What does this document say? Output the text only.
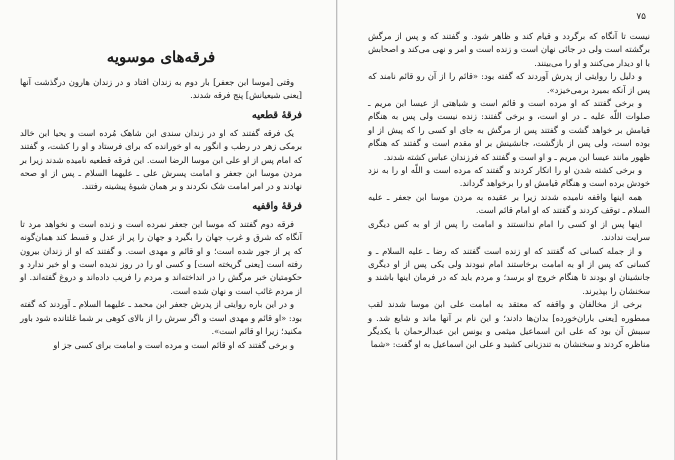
فرقه‌های موسویه

وقتی [موسا ابن جعفر] بار دوم به زندان افتاد و در زندان هارون درگذشت آنها [یعنی شیعیانش] پنج فرقه شدند.

فرقهٔ قطعیه

یک فرقه گفتند که او در زندان سندی ابن شاهک مُرده است و یحیا ابن خالد برمکی زهر در رطب و انگور به او خورانده که برای فرستاد و او را کشت، و گفتند که امام پس از او علی ابن موسا الرضا است. این فرقه قطعیه نامیده شدند زیرا بر مردن موسا ابن جعفر و امامت پسرش علی ـ علیهما السلام ـ پس از او صحه نهادند و در امر امامت شک نکردند و بر همان شیوهٔ پیشینه رفتند.

فرقهٔ واقفیه

فرقه دوم گفتند که موسا ابن جعفر نمرده است و زنده است و نخواهد مرد تا آنگاه که شرق و غرب جهان را بگیرد و جهان را پر از عدل و قسط کند همان‌گونه که پر از جور شده است؛ و او قائم و مهدی است. و گفتند که او از زندان بیرون رفته است [یعنی گریخته است] و کسی او را در روز ندیده است و او خبر ندارد و حکومتیان خبر مرگش را در انداخته‌اند و مردم را فریب داده‌اند و دروغ گفته‌اند. او از مردم غائب است و نهان شده است.

و در این باره روایتی از پدرش جعفر ابن محمد ـ علیهما السلام ـ آوردند که گفته بود: «او قائم و مهدی است و اگر سرش را از بالای کوهی بر شما غلتانده شود باور مکنید؛ زیرا او قائم است».

و برخی گفتند که او قائم است و مرده است و امامت برای کسی جز او

۷۵

نیست تا آنگاه که برگردد و قیام کند و ظاهر شود. و گفتند که و پس از مرگش برگشته است ولی در جائی نهان است و زنده است و امر و نهی می‌کند و اصحابش با او دیدار می‌کنند و او را می‌بینند.

و دلیل را روایتی از پدرش آوردند که گفته بود: «قائم را از آن رو قائم نامند که پس از آنکه بمیرد برمی‌خیزد».

و برخی گفتند که او مرده است و قائم است و شباهتی از عیسا ابن مریم ـ صلوات اللّه علیه ـ در او است، و برخی گفتند: زنده نیست ولی پس به هنگام قیامش بر خواهد گشت و گفتند پس از مرگش به جای او کسی را که پیش از او بوده است، ولی پس از بازگشت، جانشینش بر او مقدم است و گفتند که هنگام ظهور مانند عیسا ابن مریم ـ و او است و گفتند که فرزندان عباس کشته شدند.

و برخی کشته شدن او را انکار کردند و گفتند که مرده است و اللّه او را به نزد خودش برده است و هنگام قیامش او را برخواهد گرداند.

همه اینها واقفه نامیده شدند زیرا بر عقیده به مردن موسا ابن جعفر ـ علیه السلام ـ توقف کردند و گفتند که او امام قائم است.

اینها پس از او کسی را امام ندانستند و امامت را پس از او به کس دیگری سرایت ندادند.

و از جمله کسانی که گفتند که او زنده است گفتند که رضا ـ علیه السلام ـ و کسانی که پس از او به امامت برخاستند امام نبودند ولی یکی پس از او دیگری جانشینان او بودند تا هنگام خروج او برسد؛ و مردم باید که در فرمان اینها باشند و سخنشان را بپذیرند.

برخی از مخالفان و واقفه که معتقد به امامت علی ابن موسا شدند لقب ممطوره [یعنی باران‌خورده] بدان‌ها دادند؛ و این نام بر آنها ماند و شایع شد. و سببش آن بود که علی ابن اسماعیل میثمی و یونس ابن عبدالرحمان با یکدیگر مناظره کردند و سخنشان به تندزبانی کشید و علی ابن اسماعیل به او گفت: «شما
